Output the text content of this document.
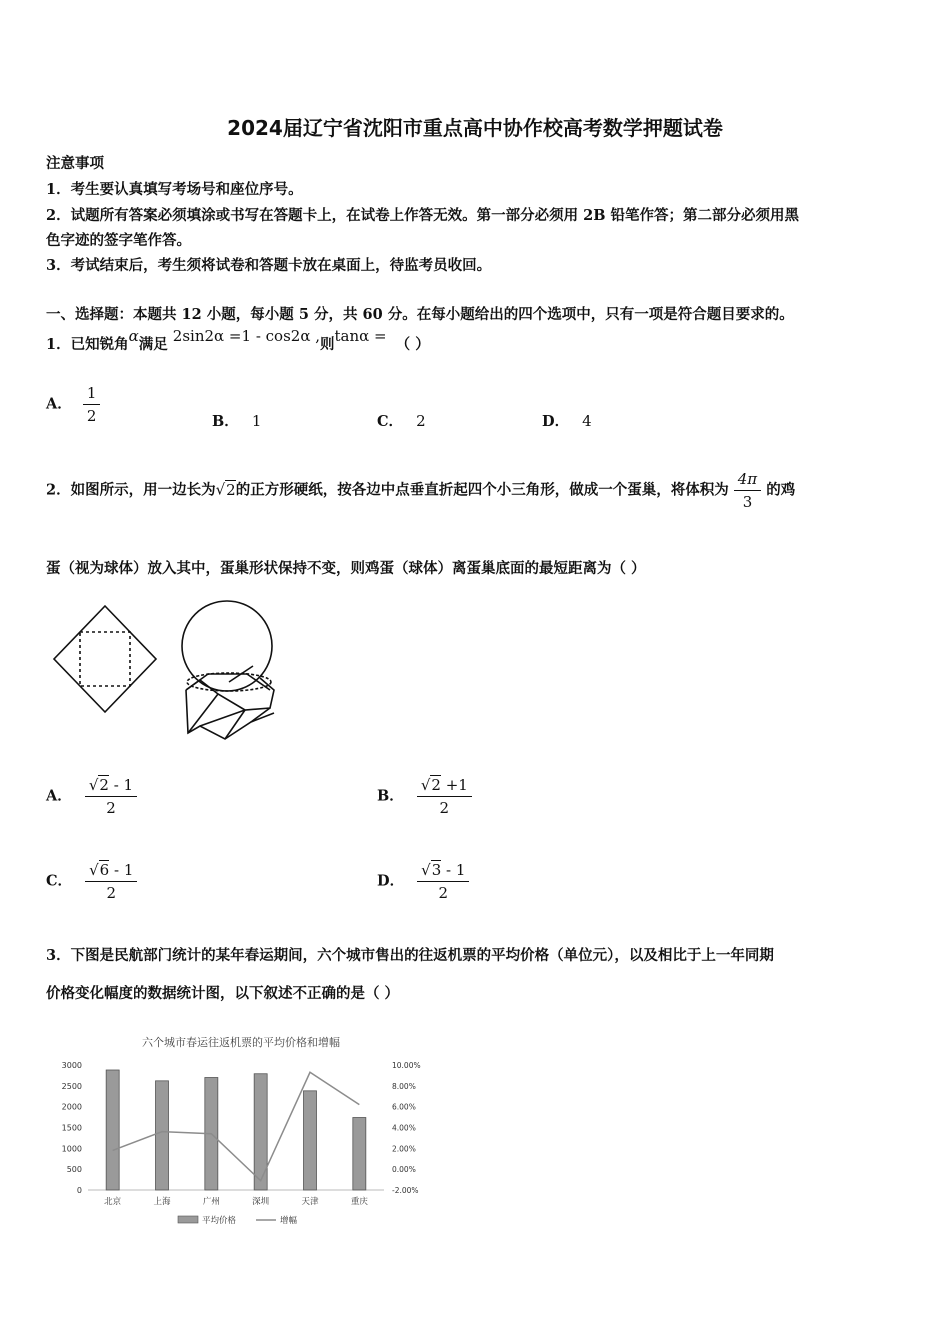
2024届辽宁省沈阳市重点高中协作校高考数学押题试卷
注意事项
1．考生要认真填写考场号和座位序号。
2．试题所有答案必须填涂或书写在答题卡上，在试卷上作答无效。第一部分必须用 2B 铅笔作答；第二部分必须用黑
色字迹的签字笔作答。
3．考试结束后，考生须将试卷和答题卡放在桌面上，待监考员收回。
一、选择题：本题共 12 小题，每小题 5 分，共 60 分。在每小题给出的四个选项中，只有一项是符合题目要求的。
1．已知锐角α满足 2sin2α =1 - cos2α ,则tanα = （ ）
A． $\frac{1}{2}$	B． 1	C． 2	D． 4
2．如图所示，用一边长为√2的正方形硬纸，按各边中点垂直折起四个小三角形，做成一个蛋巢，将体积为 $\frac{4\pi}{3}$ 的鸡
蛋（视为球体）放入其中，蛋巢形状保持不变，则鸡蛋（球体）离蛋巢底面的最短距离为（ ）
A． $\frac{√2 - 1}{2}$	B． $\frac{√2 +1}{2}$
C． $\frac{√6 - 1}{2}$	D． $\frac{√3 - 1}{2}$
3．下图是民航部门统计的某年春运期间，六个城市售出的往返机票的平均价格（单位元），以及相比于上一年同期
价格变化幅度的数据统计图，以下叙述不正确的是（ ）
六个城市春运往返机票的平均价格和增幅
3000
2500
2000
1500
1000
500
0
10.00%
8.00%
6.00%
4.00%
2.00%
0.00%
-2.00%
北京	上海	广州	深圳	天津	重庆
平均价格	增幅
